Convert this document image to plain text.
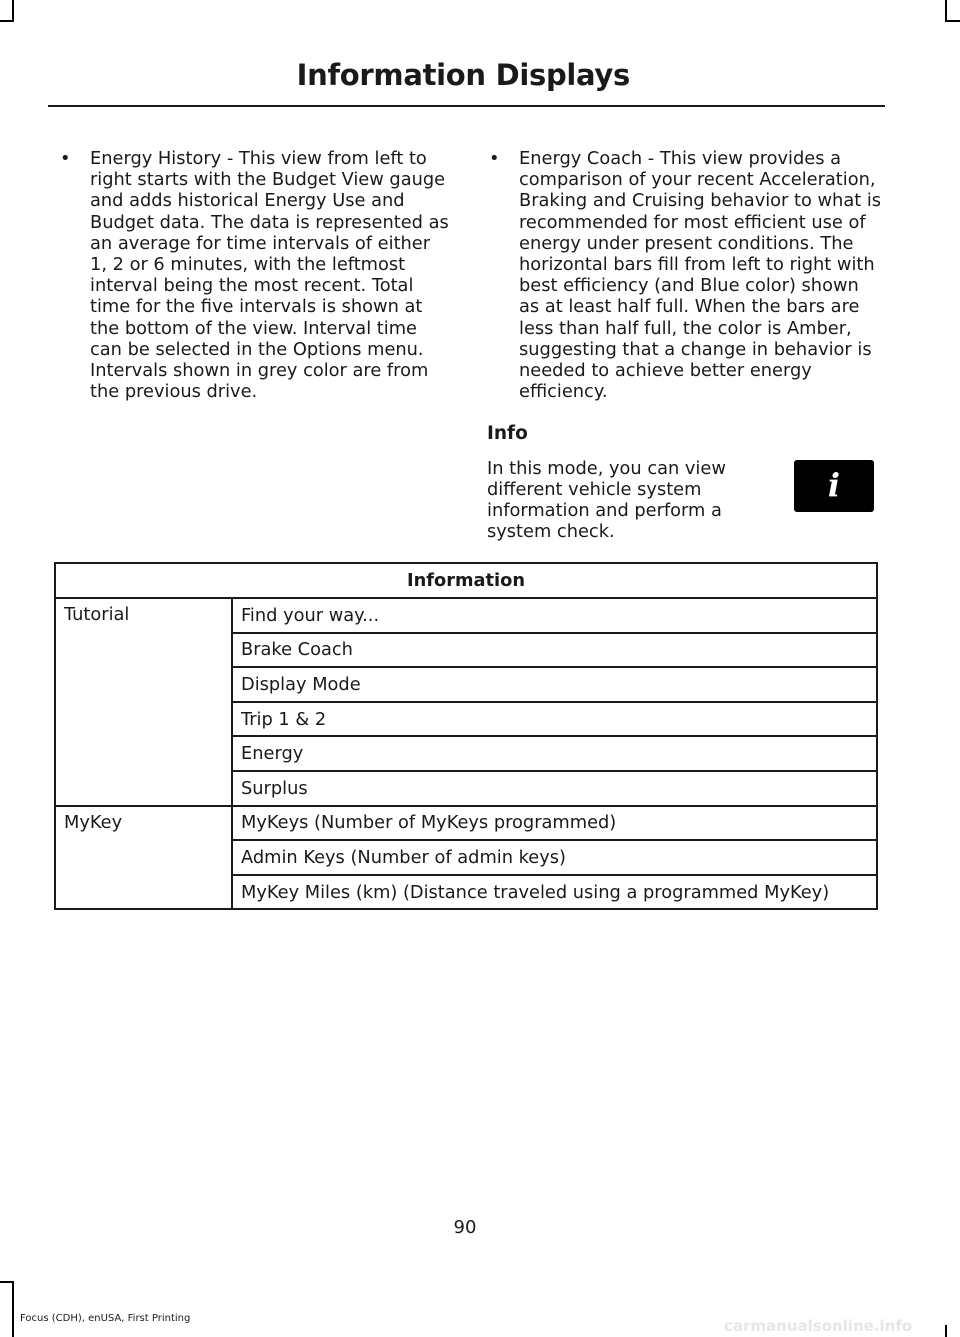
Information Displays
• Energy History - This view from left to right starts with the Budget View gauge and adds historical Energy Use and Budget data. The data is represented as an average for time intervals of either 1, 2 or 6 minutes, with the leftmost interval being the most recent. Total time for the five intervals is shown at the bottom of the view. Interval time can be selected in the Options menu. Intervals shown in grey color are from the previous drive.
• Energy Coach - This view provides a comparison of your recent Acceleration, Braking and Cruising behavior to what is recommended for most efficient use of energy under present conditions. The horizontal bars fill from left to right with best efficiency (and Blue color) shown as at least half full. When the bars are less than half full, the color is Amber, suggesting that a change in behavior is needed to achieve better energy efficiency.
Info
i
In this mode, you can view different vehicle system information and perform a system check.
Information	
Tutorial	Find your way...
	Brake Coach
	Display Mode
	Trip 1 & 2
	Energy
	Surplus
MyKey	MyKeys (Number of MyKeys programmed)
	Admin Keys (Number of admin keys)
	MyKey Miles (km) (Distance traveled using a programmed MyKey)
90
Focus (CDH), enUSA, First Printing	carmanualsonline.info
